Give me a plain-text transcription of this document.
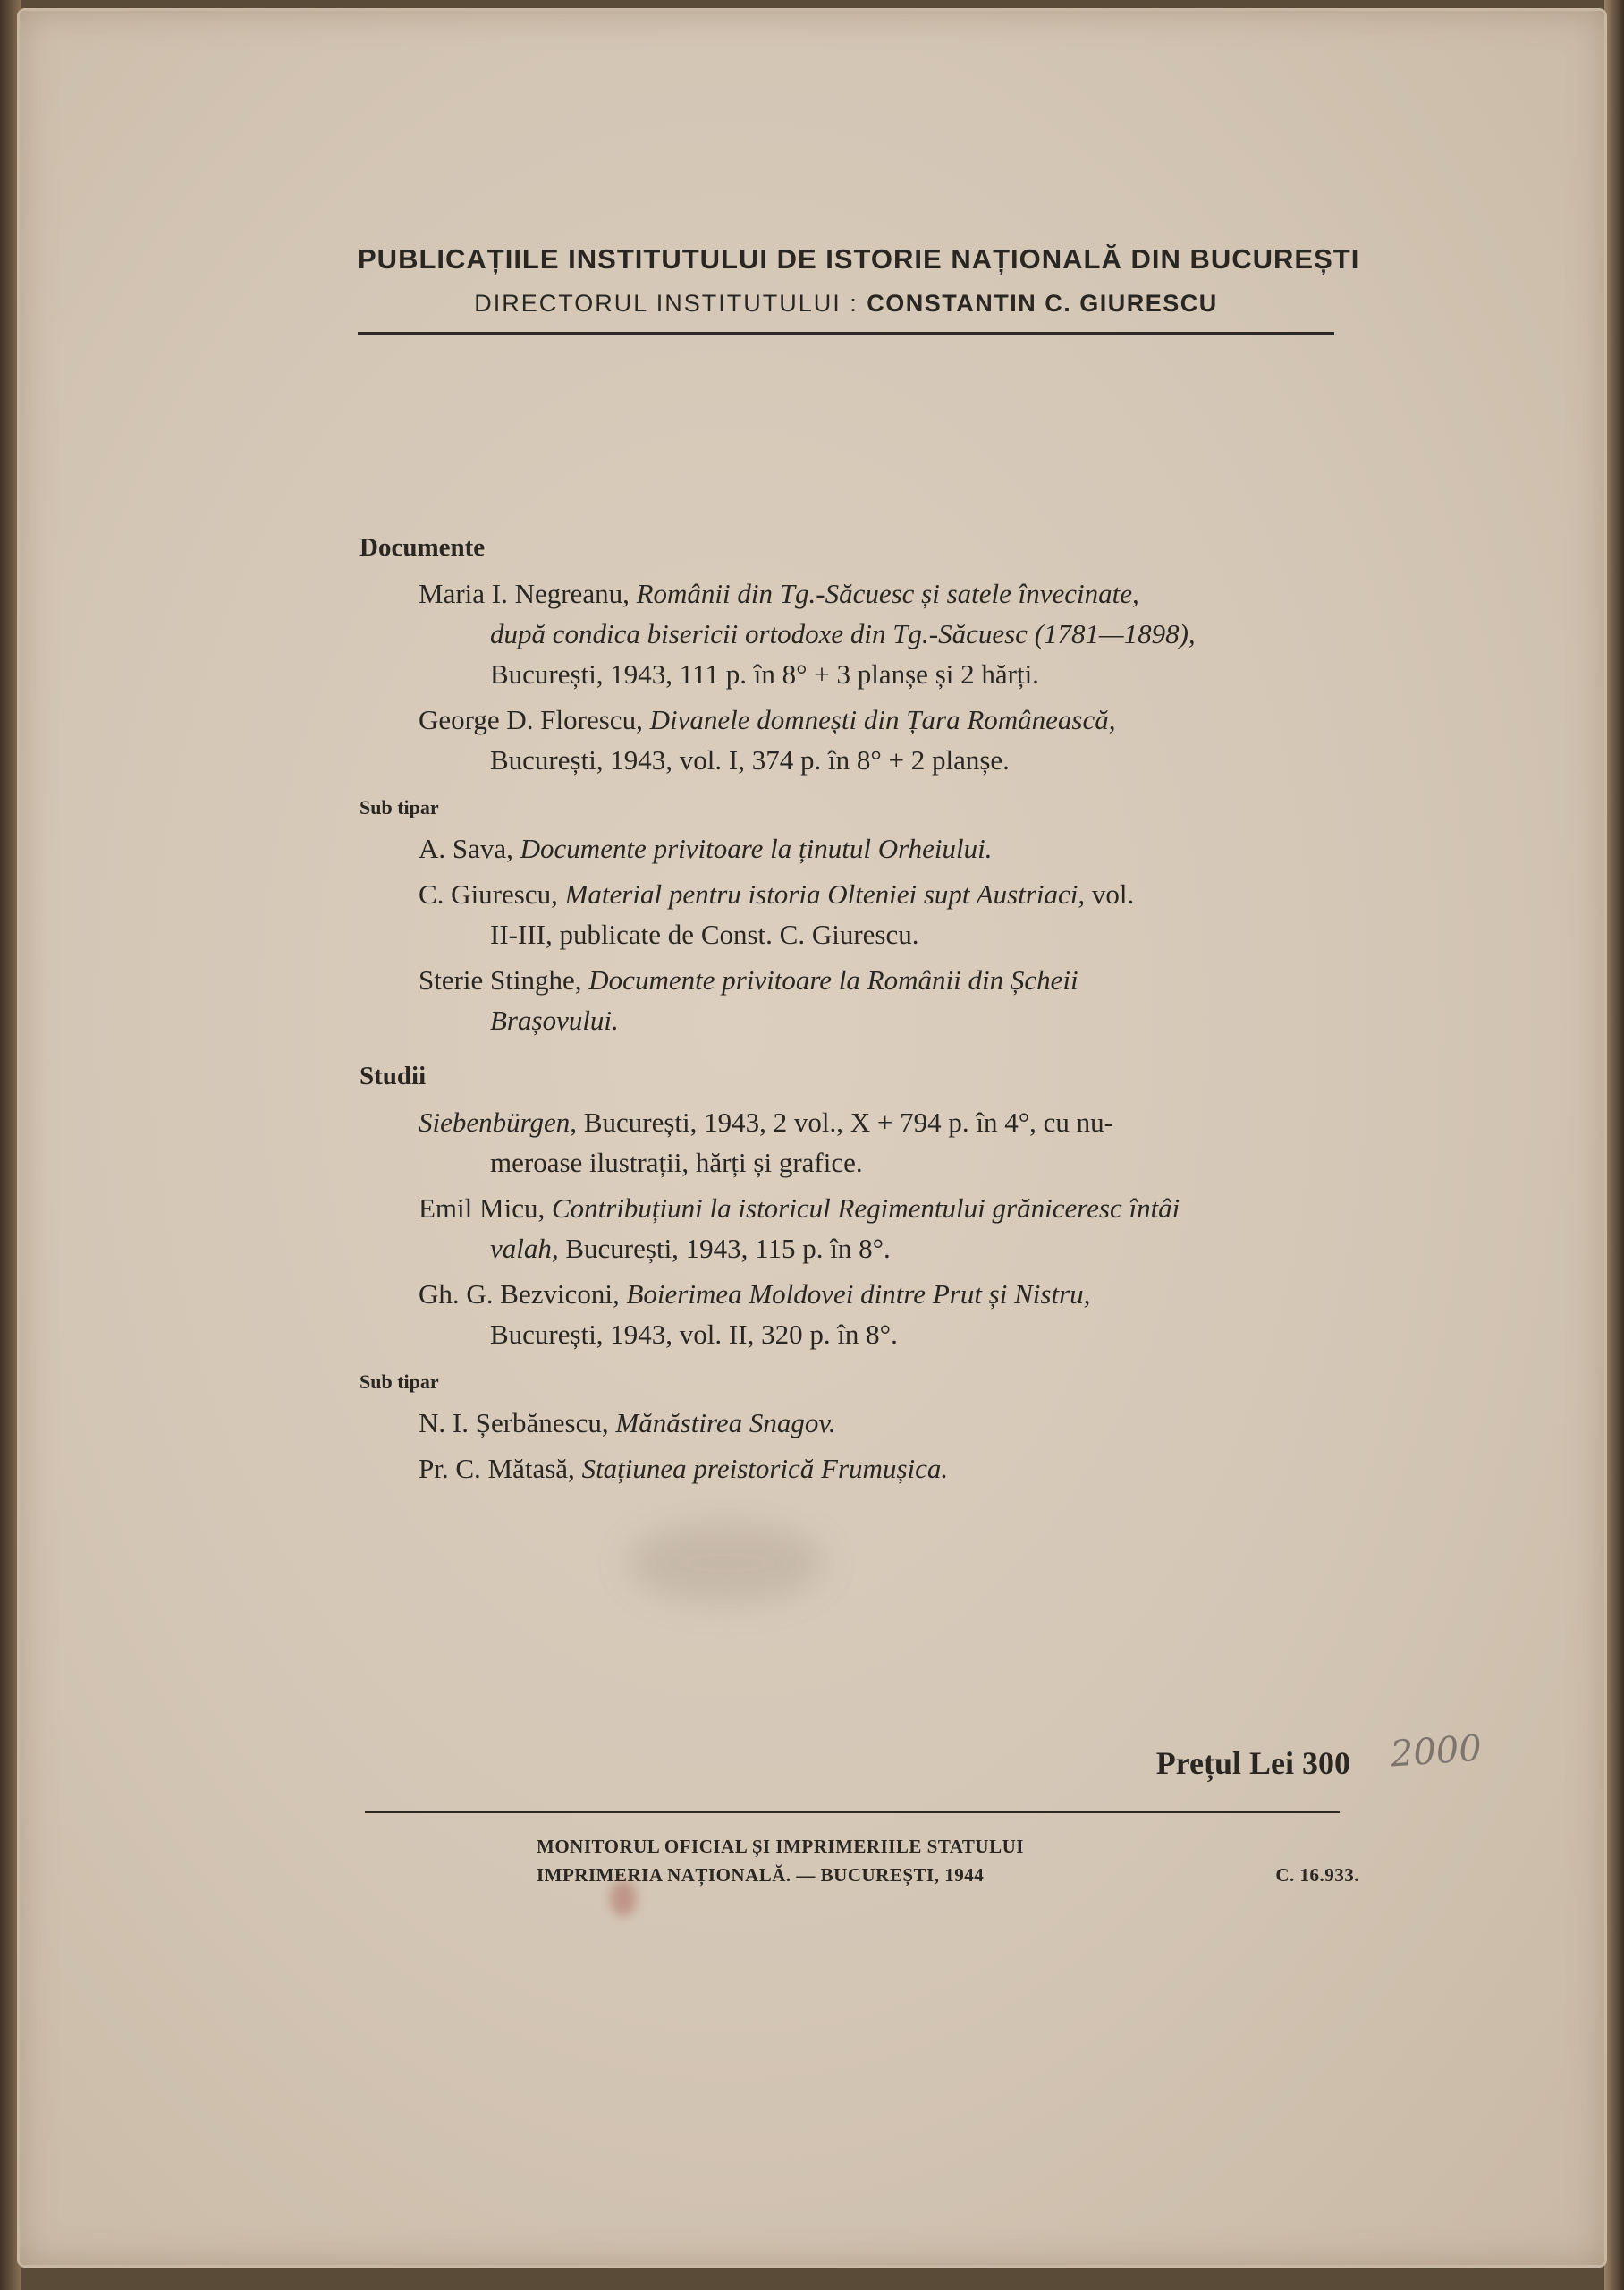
PUBLICAȚIILE INSTITUTULUI DE ISTORIE NAȚIONALĂ DIN BUCUREȘTI
DIRECTORUL INSTITUTULUI : CONSTANTIN C. GIURESCU
Documente
Maria I. Negreanu, Românii din Tg.-Săcuesc și satele învecinate,
după condica bisericii ortodoxe din Tg.-Săcuesc (1781—1898),
București, 1943, 111 p. în 8° + 3 planșe și 2 hărți.
George D. Florescu, Divanele domnești din Țara Românească,
București, 1943, vol. I, 374 p. în 8° + 2 planșe.
Sub tipar
A. Sava, Documente privitoare la ținutul Orheiului.
C. Giurescu, Material pentru istoria Olteniei supt Austriaci, vol.
II-III, publicate de Const. C. Giurescu.
Sterie Stinghe, Documente privitoare la Românii din Șcheii
Brașovului.
Studii
Siebenbürgen, București, 1943, 2 vol., X + 794 p. în 4°, cu nu-
meroase ilustrații, hărți și grafice.
Emil Micu, Contribuțiuni la istoricul Regimentului grăniceresc întâi
valah, București, 1943, 115 p. în 8°.
Gh. G. Bezviconi, Boierimea Moldovei dintre Prut și Nistru,
București, 1943, vol. II, 320 p. în 8°.
Sub tipar
N. I. Șerbănescu, Mănăstirea Snagov.
Pr. C. Mătasă, Stațiunea preistorică Frumușica.
Prețul Lei 300 2000
MONITORUL OFICIAL ȘI IMPRIMERIILE STATULUI
IMPRIMERIA NAȚIONALĂ. — BUCUREȘTI, 1944	C. 16.933.
